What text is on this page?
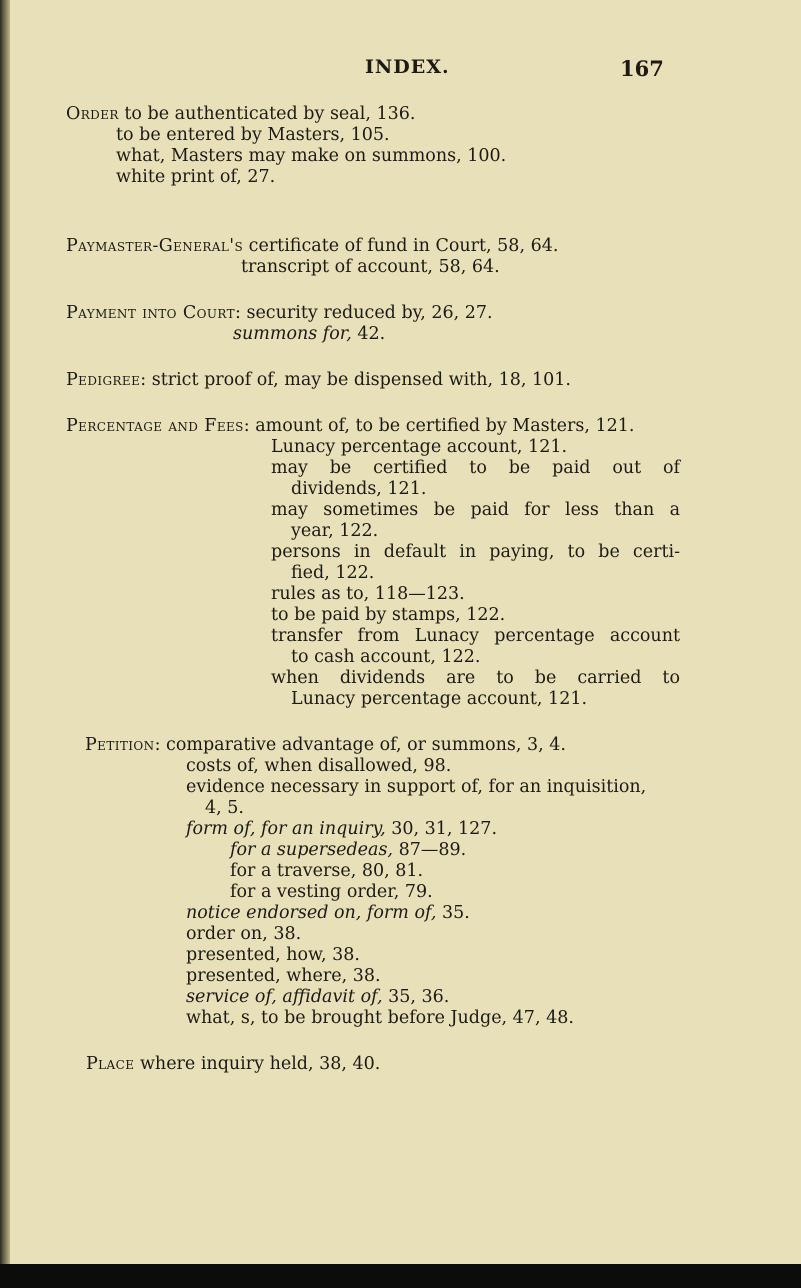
INDEX.	167
Order to be authenticated by seal, 136.
to be entered by Masters, 105.
what, Masters may make on summons, 100.
white print of, 27.
Paymaster-General's certificate of fund in Court, 58, 64.
transcript of account, 58, 64.
Payment into Court: security reduced by, 26, 27.
summons for, 42.
Pedigree: strict proof of, may be dispensed with, 18, 101.
Percentage and Fees: amount of, to be certified by Masters, 121.
Lunacy percentage account, 121.
may be certified to be paid out of
dividends, 121.
may sometimes be paid for less than a
year, 122.
persons in default in paying, to be certi-
fied, 122.
rules as to, 118—123.
to be paid by stamps, 122.
transfer from Lunacy percentage account
to cash account, 122.
when dividends are to be carried to
Lunacy percentage account, 121.
Petition: comparative advantage of, or summons, 3, 4.
costs of, when disallowed, 98.
evidence necessary in support of, for an inquisition,
4, 5.
form of, for an inquiry, 30, 31, 127.
for a supersedeas, 87—89.
for a traverse, 80, 81.
for a vesting order, 79.
notice endorsed on, form of, 35.
order on, 38.
presented, how, 38.
presented, where, 38.
service of, affidavit of, 35, 36.
what, s, to be brought before Judge, 47, 48.
Place where inquiry held, 38, 40.
